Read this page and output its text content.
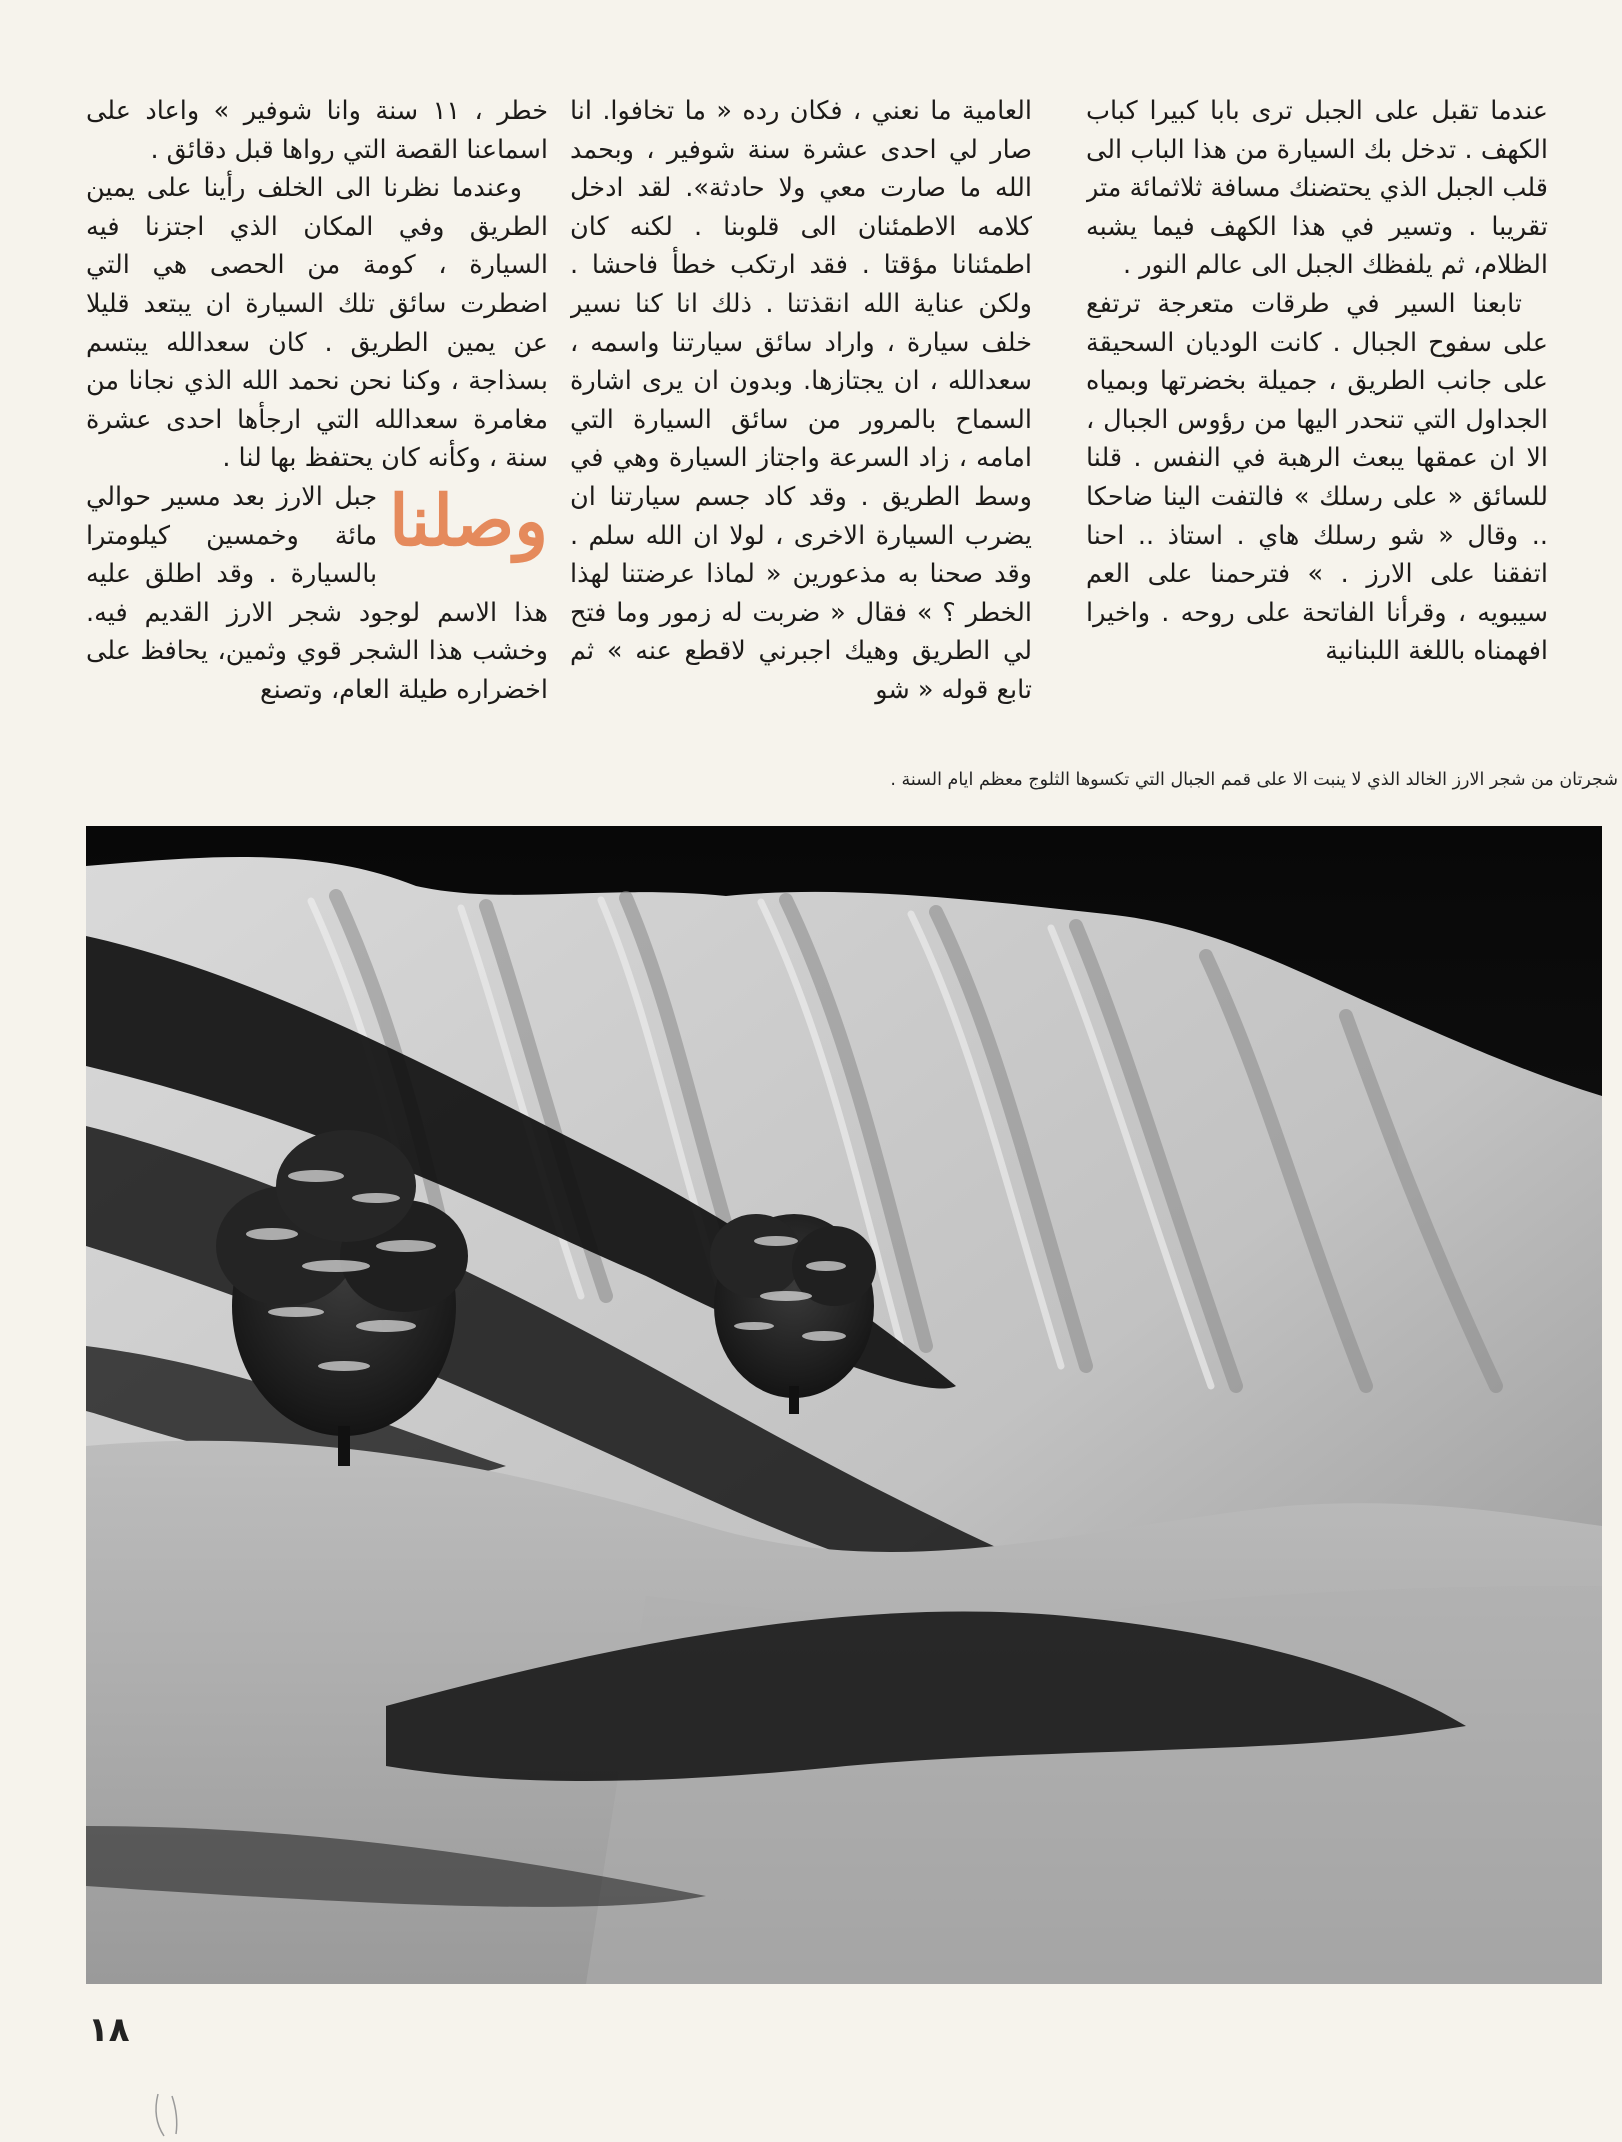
عندما تقبل على الجبل ترى بابا كبيرا كباب الكهف . تدخل بك السيارة من هذا الباب الى قلب الجبل الذي يحتضنك مسافة ثلاثمائة متر تقريبا . وتسير في هذا الكهف فيما يشبه الظلام، ثم يلفظك الجبل الى عالم النور .

تابعنا السير في طرقات متعرجة ترتفع على سفوح الجبال . كانت الوديان السحيقة على جانب الطريق ، جميلة بخضرتها وبمياه الجداول التي تنحدر اليها من رؤوس الجبال ، الا ان عمقها يبعث الرهبة في النفس . قلنا للسائق « على رسلك » فالتفت الينا ضاحكا .. وقال « شو رسلك هاي . استاذ .. احنا اتفقنا على الارز . » فترحمنا على العم سيبويه ، وقرأنا الفاتحة على روحه . واخيرا افهمناه باللغة اللبنانية

العامية ما نعني ، فكان رده « ما تخافوا. انا صار لي احدى عشرة سنة شوفير ، وبحمد الله ما صارت معي ولا حادثة». لقد ادخل كلامه الاطمئنان الى قلوبنا . لكنه كان اطمئنانا مؤقتا . فقد ارتكب خطأ فاحشا . ولكن عناية الله انقذتنا . ذلك انا كنا نسير خلف سيارة ، واراد سائق سيارتنا واسمه ، سعدالله ، ان يجتازها. وبدون ان يرى اشارة السماح بالمرور من سائق السيارة التي امامه ، زاد السرعة واجتاز السيارة وهي في وسط الطريق . وقد كاد جسم سيارتنا ان يضرب السيارة الاخرى ، لولا ان الله سلم . وقد صحنا به مذعورين « لماذا عرضتنا لهذا الخطر ؟ » فقال « ضربت له زمور وما فتح لي الطريق وهيك اجبرني لاقطع عنه » ثم تابع قوله « شو

خطر ، ١١ سنة وانا شوفير » واعاد على اسماعنا القصة التي رواها قبل دقائق .

وعندما نظرنا الى الخلف رأينا على يمين الطريق وفي المكان الذي اجتزنا فيه السيارة ، كومة من الحصى هي التي اضطرت سائق تلك السيارة ان يبتعد قليلا عن يمين الطريق . كان سعدالله يبتسم بسذاجة ، وكنا نحن نحمد الله الذي نجانا من مغامرة سعدالله التي ارجأها احدى عشرة سنة ، وكأنه كان يحتفظ بها لنا .

وصلنا
جبل الارز بعد مسير حوالي مائة وخمسين كيلومترا بالسيارة . وقد اطلق عليه هذا الاسم لوجود شجر الارز القديم فيه. وخشب هذا الشجر قوي وثمين، يحافظ على اخضراره طيلة العام، وتصنع

شجرتان من شجر الارز الخالد الذي لا ينبت الا على قمم الجبال التي تكسوها الثلوج معظم ايام السنة .
١٨
